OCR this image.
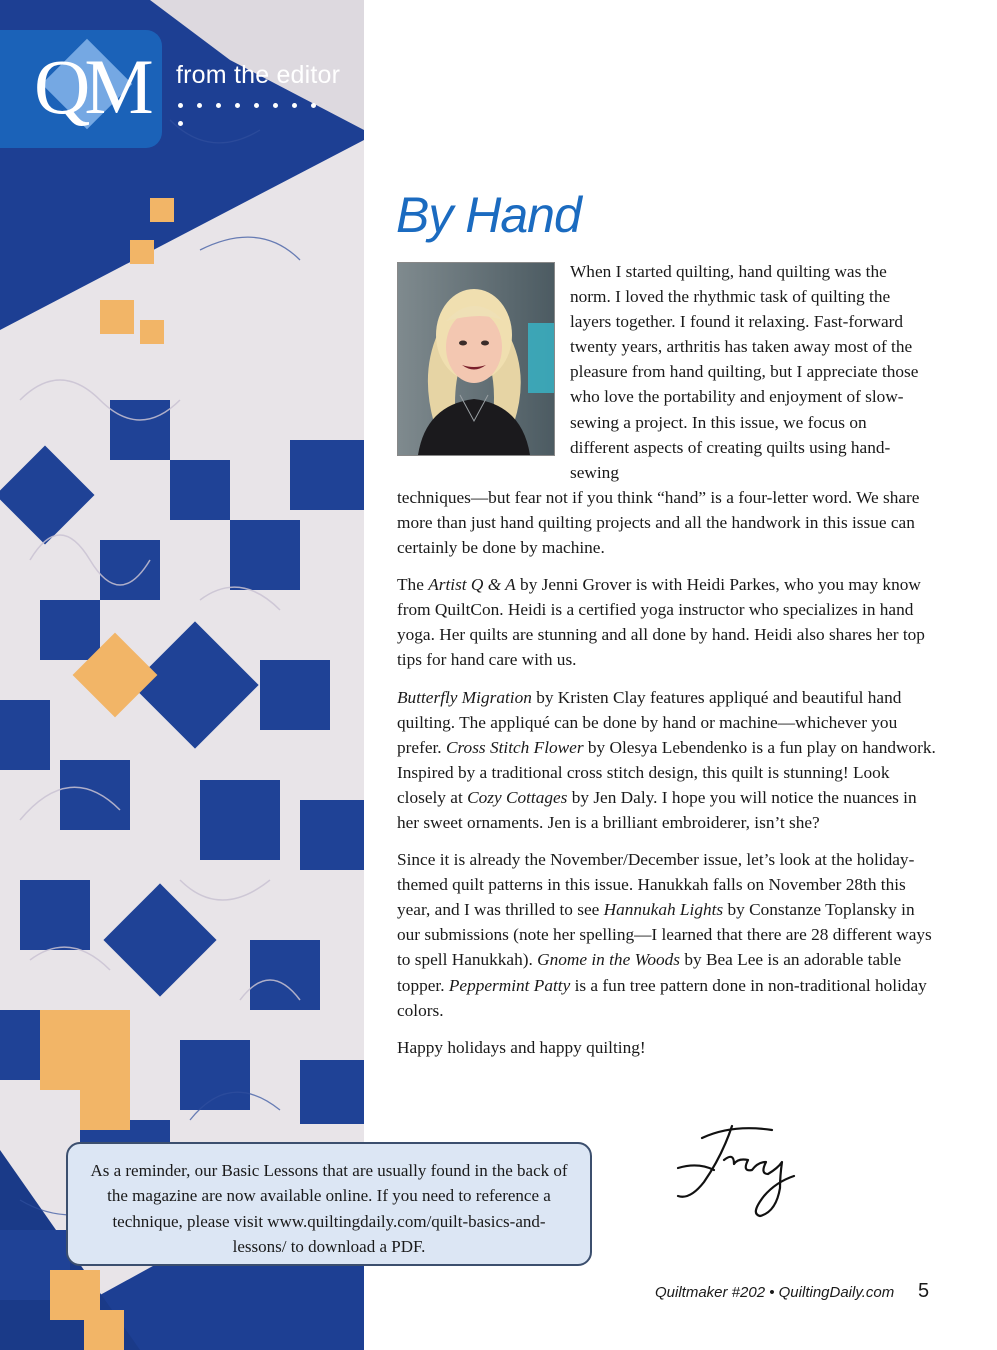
QM from the editor
By Hand

When I started quilting, hand quilting was the norm. I loved the rhythmic task of quilting the layers together. I found it relaxing. Fast-forward twenty years, arthritis has taken away most of the pleasure from hand quilting, but I appreciate those who love the portability and enjoyment of slow-sewing a project. In this issue, we focus on different aspects of creating quilts using hand-sewing

techniques—but fear not if you think “hand” is a four-letter word. We share more than just hand quilting projects and all the handwork in this issue can certainly be done by machine.

The Artist Q & A by Jenni Grover is with Heidi Parkes, who you may know from QuiltCon. Heidi is a certified yoga instructor who specializes in hand yoga. Her quilts are stunning and all done by hand. Heidi also shares her top tips for hand care with us.

Butterfly Migration by Kristen Clay features appliqué and beautiful hand quilting. The appliqué can be done by hand or machine—whichever you prefer. Cross Stitch Flower by Olesya Lebendenko is a fun play on handwork. Inspired by a traditional cross stitch design, this quilt is stunning! Look closely at Cozy Cottages by Jen Daly. I hope you will notice the nuances in her sweet ornaments. Jen is a brilliant embroiderer, isn’t she?

Since it is already the November/December issue, let’s look at the holiday-themed quilt patterns in this issue. Hanukkah falls on November 28th this year, and I was thrilled to see Hannukah Lights by Constanze Toplansky in our submissions (note her spelling—I learned that there are 28 different ways to spell Hanukkah). Gnome in the Woods by Bea Lee is an adorable table topper. Peppermint Patty is a fun tree pattern done in non-traditional holiday colors.

Happy holidays and happy quilting!

As a reminder, our Basic Lessons that are usually found in the back of the magazine are now available online. If you need to reference a technique, please visit www.quiltingdaily.com/quilt-basics-and-lessons/ to download a PDF.
Quiltmaker #202 • QuiltingDaily.com 5
